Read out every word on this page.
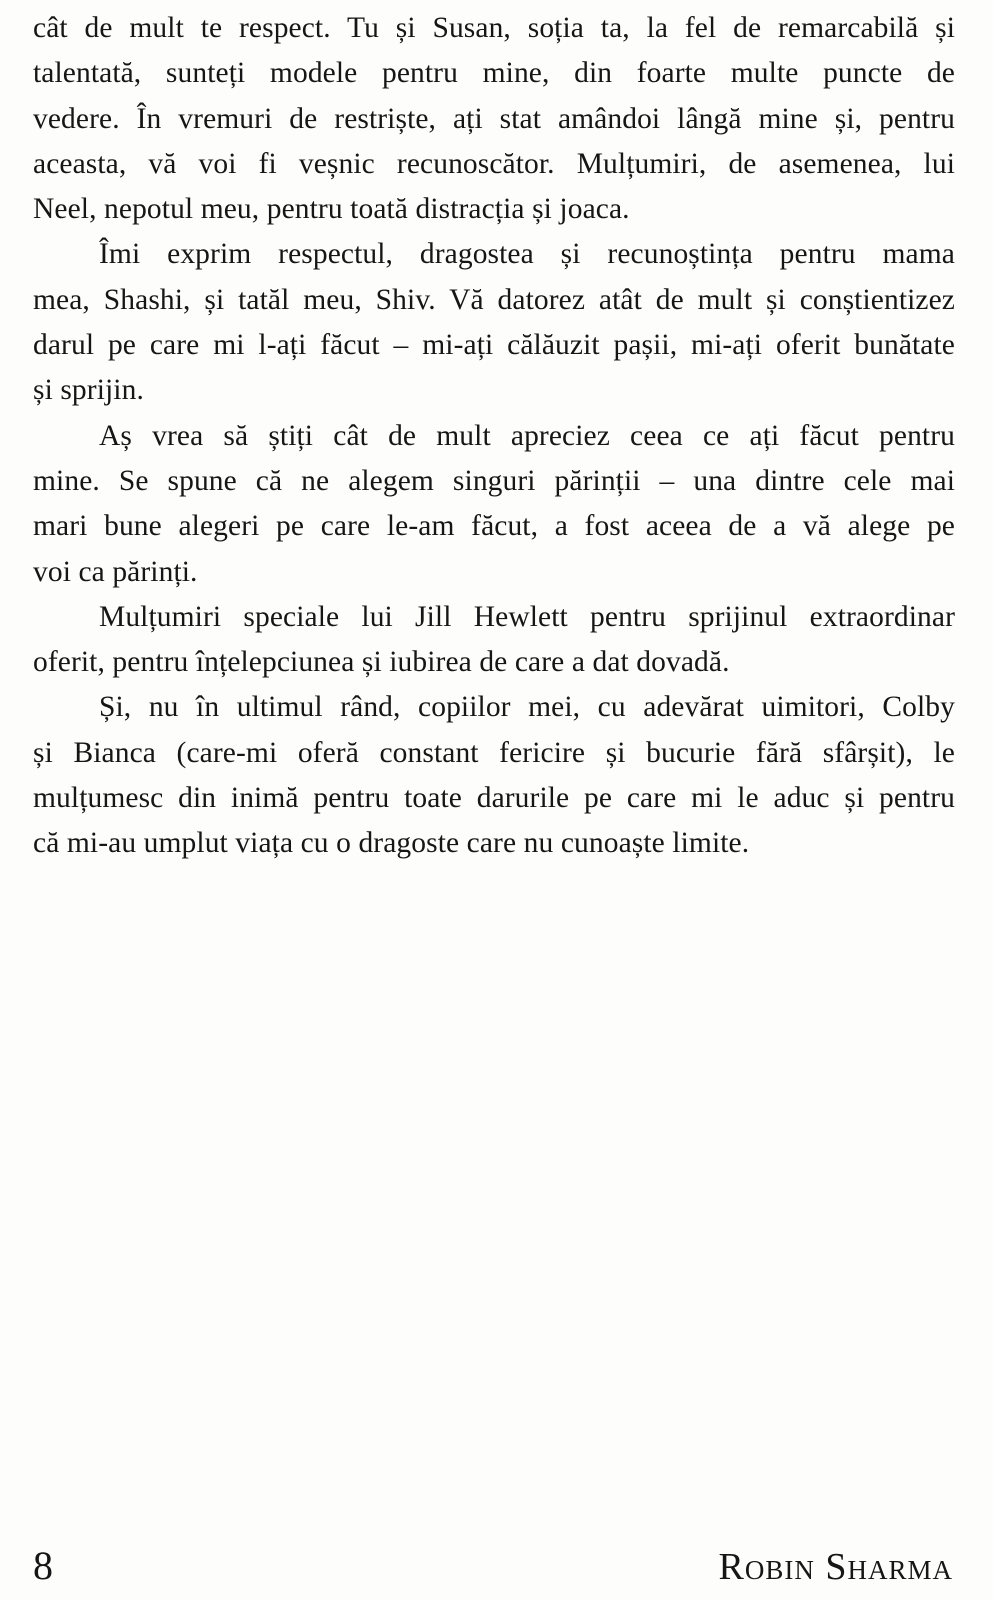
cât de mult te respect. Tu și Susan, soția ta, la fel de remarcabilă și
talentată, sunteți modele pentru mine, din foarte multe puncte de
vedere. În vremuri de restriște, ați stat amândoi lângă mine și, pentru
aceasta, vă voi fi veșnic recunoscător. Mulțumiri, de asemenea, lui
Neel, nepotul meu, pentru toată distracția și joaca.
Îmi exprim respectul, dragostea și recunoștința pentru mama
mea, Shashi, și tatăl meu, Shiv. Vă datorez atât de mult și conștientizez
darul pe care mi l-ați făcut – mi-ați călăuzit pașii, mi-ați oferit bunătate
și sprijin.
Aș vrea să știți cât de mult apreciez ceea ce ați făcut pentru
mine. Se spune că ne alegem singuri părinții – una dintre cele mai
mari bune alegeri pe care le-am făcut, a fost aceea de a vă alege pe
voi ca părinți.
Mulțumiri speciale lui Jill Hewlett pentru sprijinul extraordinar
oferit, pentru înțelepciunea și iubirea de care a dat dovadă.
Și, nu în ultimul rând, copiilor mei, cu adevărat uimitori, Colby
și Bianca (care-mi oferă constant fericire și bucurie fără sfârșit), le
mulțumesc din inimă pentru toate darurile pe care mi le aduc și pentru
că mi-au umplut viața cu o dragoste care nu cunoaște limite.
8	Robin Sharma
